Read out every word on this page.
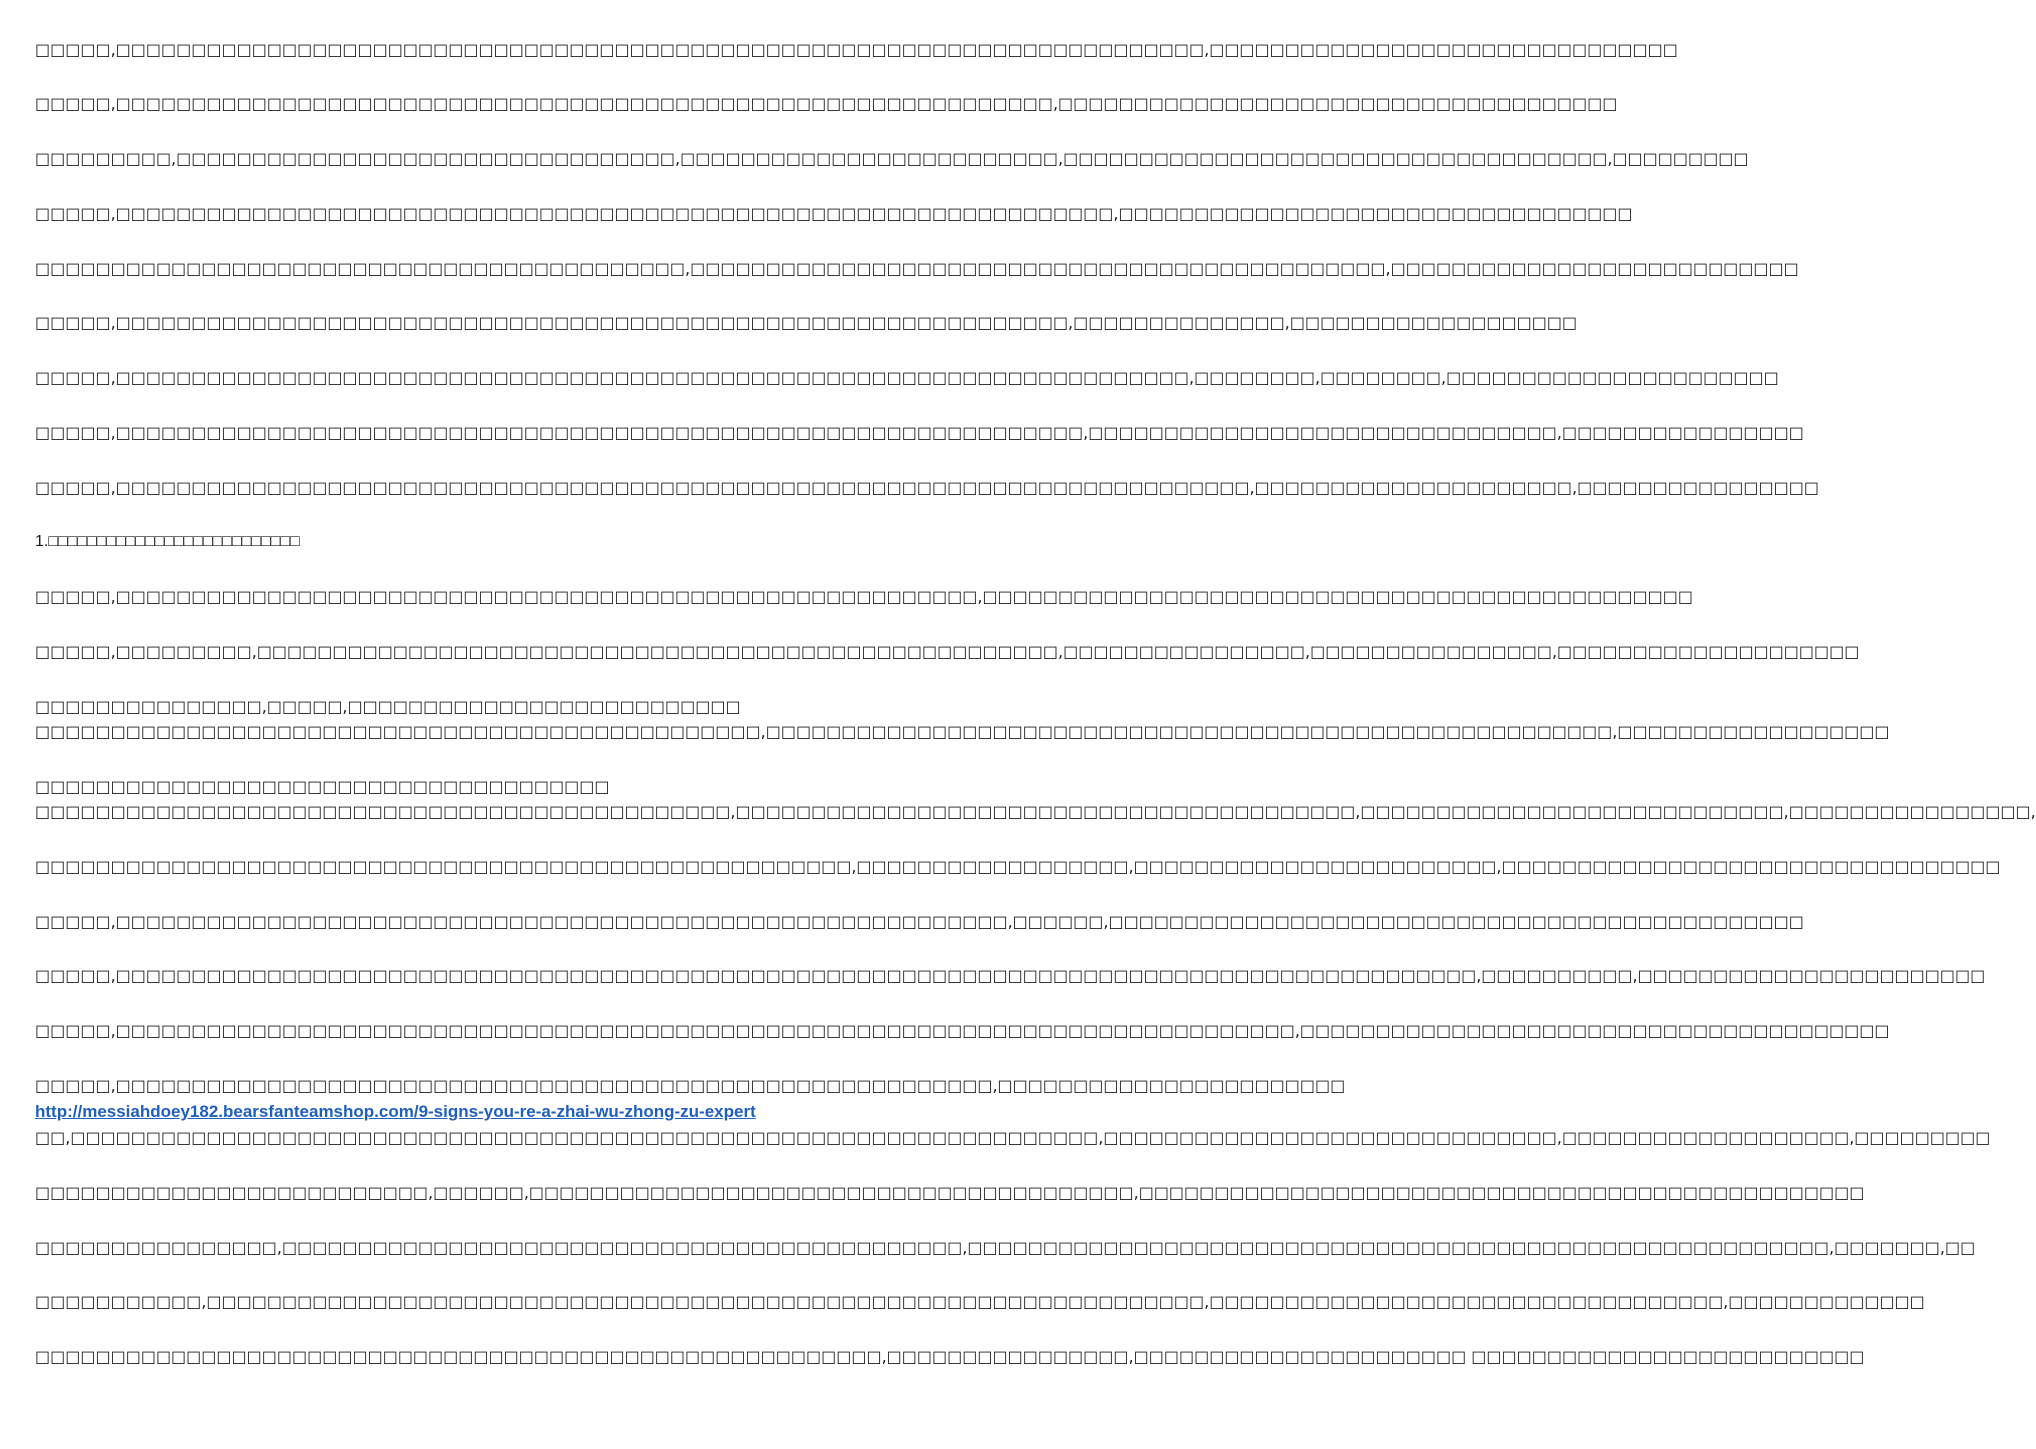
□□□□□,□□□□□□□□□□□□□□□□□□□□□□□□□□□□□□□□□□□□□□□□□□□□□□□□□□□□□□□□□□□□□□□□□□□□□□□□,□□□□□□□□□□□□□□□□□□□□□□□□□□□□□□□
□□□□□,□□□□□□□□□□□□□□□□□□□□□□□□□□□□□□□□□□□□□□□□□□□□□□□□□□□□□□□□□□□□□□,□□□□□□□□□□□□□□□□□□□□□□□□□□□□□□□□□□□□□
□□□□□□□□□,□□□□□□□□□□□□□□□□□□□□□□□□□□□□□□□□□,□□□□□□□□□□□□□□□□□□□□□□□□□,□□□□□□□□□□□□□□□□□□□□□□□□□□□□□□□□□□□□,□□□□□□□□□
□□□□□,□□□□□□□□□□□□□□□□□□□□□□□□□□□□□□□□□□□□□□□□□□□□□□□□□□□□□□□□□□□□□□□□□□,□□□□□□□□□□□□□□□□□□□□□□□□□□□□□□□□□□
□□□□□□□□□□□□□□□□□□□□□□□□□□□□□□□□□□□□□□□□□□□,□□□□□□□□□□□□□□□□□□□□□□□□□□□□□□□□□□□□□□□□□□□□□□,□□□□□□□□□□□□□□□□□□□□□□□□□□□
□□□□□,□□□□□□□□□□□□□□□□□□□□□□□□□□□□□□□□□□□□□□□□□□□□□□□□□□□□□□□□□□□□□□□,□□□□□□□□□□□□□□,□□□□□□□□□□□□□□□□□□□
□□□□□,□□□□□□□□□□□□□□□□□□□□□□□□□□□□□□□□□□□□□□□□□□□□□□□□□□□□□□□□□□□□□□□□□□□□□□□,□□□□□□□□,□□□□□□□□,□□□□□□□□□□□□□□□□□□□□□□
□□□□□,□□□□□□□□□□□□□□□□□□□□□□□□□□□□□□□□□□□□□□□□□□□□□□□□□□□□□□□□□□□□□□□□,□□□□□□□□□□□□□□□□□□□□□□□□□□□□□□□,□□□□□□□□□□□□□□□□
□□□□□,□□□□□□□□□□□□□□□□□□□□□□□□□□□□□□□□□□□□□□□□□□□□□□□□□□□□□□□□□□□□□□□□□□□□□□□□□□□,□□□□□□□□□□□□□□□□□□□□□,□□□□□□□□□□□□□□□□
1.□□□□□□□□□□□□□□□□□□□□□□□□□□
□□□□□,□□□□□□□□□□□□□□□□□□□□□□□□□□□□□□□□□□□□□□□□□□□□□□□□□□□□□□□□□,□□□□□□□□□□□□□□□□□□□□□□□□□□□□□□□□□□□□□□□□□□□□□□□
□□□□□,□□□□□□□□□,□□□□□□□□□□□□□□□□□□□□□□□□□□□□□□□□□□□□□□□□□□□□□□□□□□□□□,□□□□□□□□□□□□□□□□,□□□□□□□□□□□□□□□□,□□□□□□□□□□□□□□□□□□□□
□□□□□□□□□□□□□□□,□□□□□,□□□□□□□□□□□□□□□□□□□□□□□□□□
□□□□□□□□□□□□□□□□□□□□□□□□□□□□□□□□□□□□□□□□□□□□□□□□,□□□□□□□□□□□□□□□□□□□□□□□□□□□□□□□□□□□□□□□□□□□□□□□□□□□□□□□□,□□□□□□□□□□□□□□□□□□
□□□□□□□□□□□□□□□□□□□□□□□□□□□□□□□□□□□□□□
□□□□□□□□□□□□□□□□□□□□□□□□□□□□□□□□□□□□□□□□□□□□□□,□□□□□□□□□□□□□□□□□□□□□□□□□□□□□□□□□□□□□□□□□,□□□□□□□□□□□□□□□□□□□□□□□□□□□□,□□□□□□□□□□□□□□□□,
□□□□□□□□□□□□□□□□□□□□□□□□□□□□□□□□□□□□□□□□□□□□□□□□□□□□□□,□□□□□□□□□□□□□□□□□□,□□□□□□□□□□□□□□□□□□□□□□□□,□□□□□□□□□□□□□□□□□□□□□□□□□□□□□□□□□
□□□□□,□□□□□□□□□□□□□□□□□□□□□□□□□□□□□□□□□□□□□□□□□□□□□□□□□□□□□□□□□□□,□□□□□□,□□□□□□□□□□□□□□□□□□□□□□□□□□□□□□□□□□□□□□□□□□□□□□
□□□□□,□□□□□□□□□□□□□□□□□□□□□□□□□□□□□□□□□□□□□□□□□□□□□□□□□□□□□□□□□□□□□□□□□□□□□□□□□□□□□□□□□□□□□□□□□□,□□□□□□□□□□,□□□□□□□□□□□□□□□□□□□□□□□
□□□□□,□□□□□□□□□□□□□□□□□□□□□□□□□□□□□□□□□□□□□□□□□□□□□□□□□□□□□□□□□□□□□□□□□□□□□□□□□□□□□□,□□□□□□□□□□□□□□□□□□□□□□□□□□□□□□□□□□□□□□□
□□□□□,□□□□□□□□□□□□□□□□□□□□□□□□□□□□□□□□□□□□□□□□□□□□□□□□□□□□□□□□□□,□□□□□□□□□□□□□□□□□□□□□□□
http://messiahdoey182.bearsfanteamshop.com/9-signs-you-re-a-zhai-wu-zhong-zu-expert
□□,□□□□□□□□□□□□□□□□□□□□□□□□□□□□□□□□□□□□□□□□□□□□□□□□□□□□□□□□□□□□□□□□□□□□,□□□□□□□□□□□□□□□□□□□□□□□□□□□□□□,□□□□□□□□□□□□□□□□□□□,□□□□□□□□□
□□□□□□□□□□□□□□□□□□□□□□□□□□,□□□□□□,□□□□□□□□□□□□□□□□□□□□□□□□□□□□□□□□□□□□□□□□,□□□□□□□□□□□□□□□□□□□□□□□□□□□□□□□□□□□□□□□□□□□□□□□□
□□□□□□□□□□□□□□□□,□□□□□□□□□□□□□□□□□□□□□□□□□□□□□□□□□□□□□□□□□□□□□,□□□□□□□□□□□□□□□□□□□□□□□□□□□□□□□□□□□□□□□□□□□□□□□□□□□□□□□□□,□□□□□□□,□□
□□□□□□□□□□□,□□□□□□□□□□□□□□□□□□□□□□□□□□□□□□□□□□□□□□□□□□□□□□□□□□□□□□□□□□□□□□□□□□,□□□□□□□□□□□□□□□□□□□□□□□□□□□□□□□□□□,□□□□□□□□□□□□□
□□□□□□□□□□□□□□□□□□□□□□□□□□□□□□□□□□□□□□□□□□□□□□□□□□□□□□□□,□□□□□□□□□□□□□□□□,□□□□□□□□□□□□□□□□□□□□□□ □□□□□□□□□□□□□□□□□□□□□□□□□□
